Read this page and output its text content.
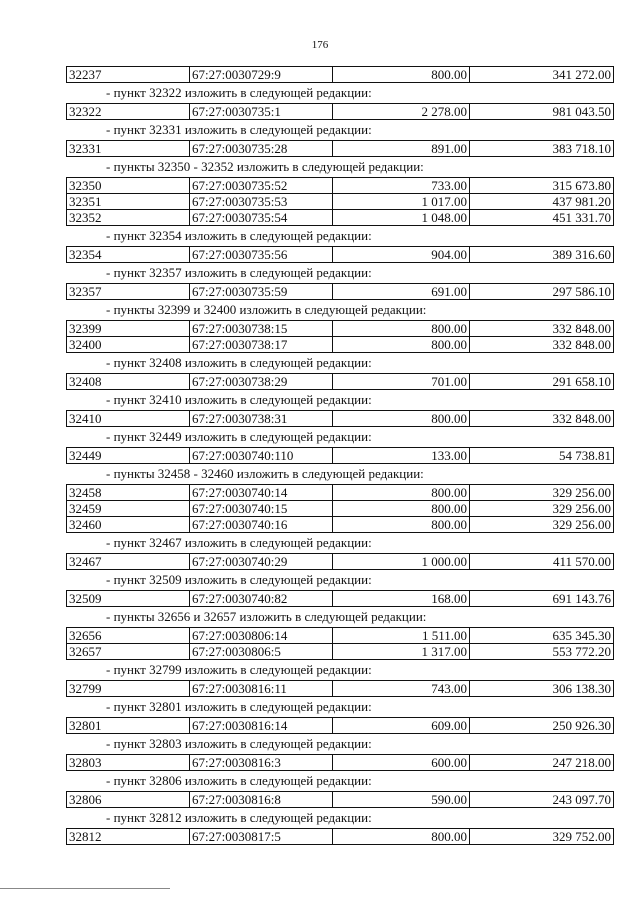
176
32237	67:27:0030729:9	800.00	341 272.00
- пункт 32322 изложить в следующей редакции:
32322	67:27:0030735:1	2 278.00	981 043.50
- пункт 32331 изложить в следующей редакции:
32331	67:27:0030735:28	891.00	383 718.10
- пункты 32350 - 32352 изложить в следующей редакции:
32350	67:27:0030735:52	733.00	315 673.80
32351	67:27:0030735:53	1 017.00	437 981.20
32352	67:27:0030735:54	1 048.00	451 331.70
- пункт 32354 изложить в следующей редакции:
32354	67:27:0030735:56	904.00	389 316.60
- пункт 32357 изложить в следующей редакции:
32357	67:27:0030735:59	691.00	297 586.10
- пункты 32399 и 32400 изложить в следующей редакции:
32399	67:27:0030738:15	800.00	332 848.00
32400	67:27:0030738:17	800.00	332 848.00
- пункт 32408 изложить в следующей редакции:
32408	67:27:0030738:29	701.00	291 658.10
- пункт 32410 изложить в следующей редакции:
32410	67:27:0030738:31	800.00	332 848.00
- пункт 32449 изложить в следующей редакции:
32449	67:27:0030740:110	133.00	54 738.81
- пункты 32458 - 32460 изложить в следующей редакции:
32458	67:27:0030740:14	800.00	329 256.00
32459	67:27:0030740:15	800.00	329 256.00
32460	67:27:0030740:16	800.00	329 256.00
- пункт 32467 изложить в следующей редакции:
32467	67:27:0030740:29	1 000.00	411 570.00
- пункт 32509 изложить в следующей редакции:
32509	67:27:0030740:82	168.00	691 143.76
- пункты 32656 и 32657 изложить в следующей редакции:
32656	67:27:0030806:14	1 511.00	635 345.30
32657	67:27:0030806:5	1 317.00	553 772.20
- пункт 32799 изложить в следующей редакции:
32799	67:27:0030816:11	743.00	306 138.30
- пункт 32801 изложить в следующей редакции:
32801	67:27:0030816:14	609.00	250 926.30
- пункт 32803 изложить в следующей редакции:
32803	67:27:0030816:3	600.00	247 218.00
- пункт 32806 изложить в следующей редакции:
32806	67:27:0030816:8	590.00	243 097.70
- пункт 32812 изложить в следующей редакции:
32812	67:27:0030817:5	800.00	329 752.00
